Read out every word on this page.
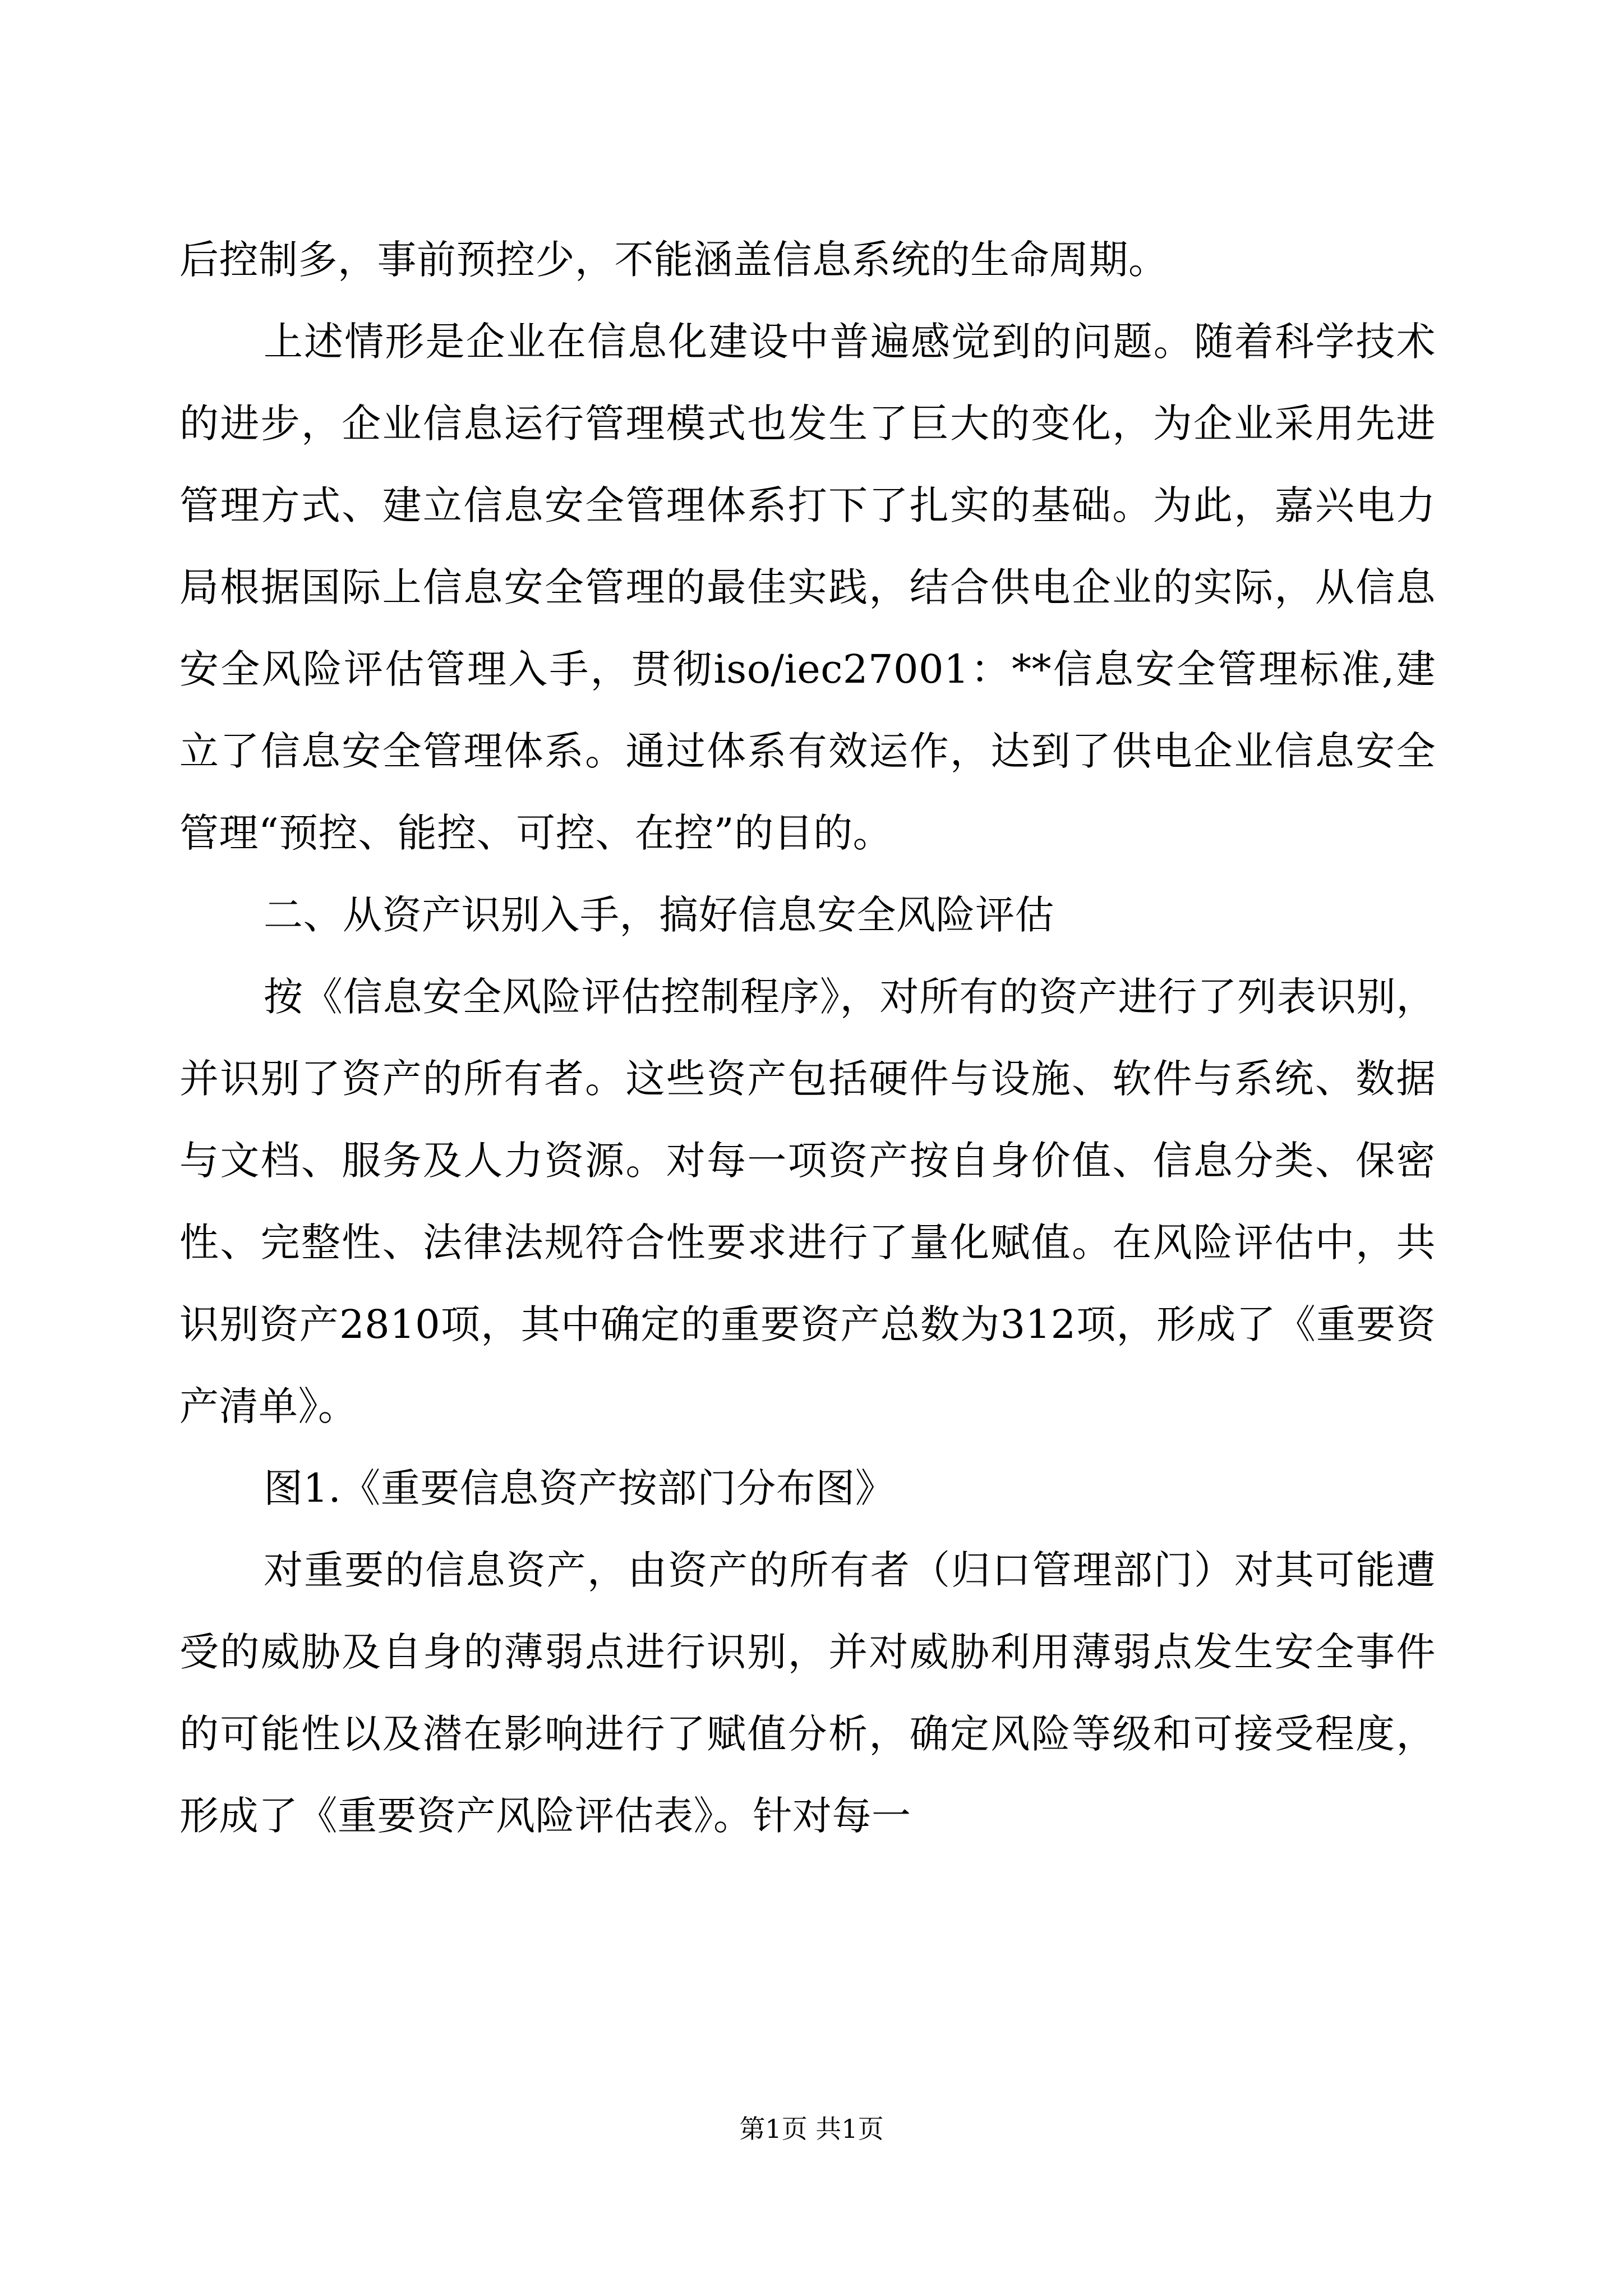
后控制多，事前预控少，不能涵盖信息系统的生命周期。

上述情形是企业在信息化建设中普遍感觉到的问题。随着科学技术的进步，企业信息运行管理模式也发生了巨大的变化，为企业采用先进管理方式、建立信息安全管理体系打下了扎实的基础。为此，嘉兴电力局根据国际上信息安全管理的最佳实践，结合供电企业的实际，从信息安全风险评估管理入手，贯彻iso/iec27001：**信息安全管理标准,建立了信息安全管理体系。通过体系有效运作，达到了供电企业信息安全管理“预控、能控、可控、在控”的目的。

二、从资产识别入手，搞好信息安全风险评估

按《信息安全风险评估控制程序》，对所有的资产进行了列表识别，并识别了资产的所有者。这些资产包括硬件与设施、软件与系统、数据与文档、服务及人力资源。对每一项资产按自身价值、信息分类、保密性、完整性、法律法规符合性要求进行了量化赋值。在风险评估中，共识别资产2810项，其中确定的重要资产总数为312项，形成了《重要资产清单》。

图1.《重要信息资产按部门分布图》

对重要的信息资产，由资产的所有者（归口管理部门）对其可能遭受的威胁及自身的薄弱点进行识别，并对威胁利用薄弱点发生安全事件的可能性以及潜在影响进行了赋值分析，确定风险等级和可接受程度，形成了《重要资产风险评估表》。针对每一

第1页 共1页
